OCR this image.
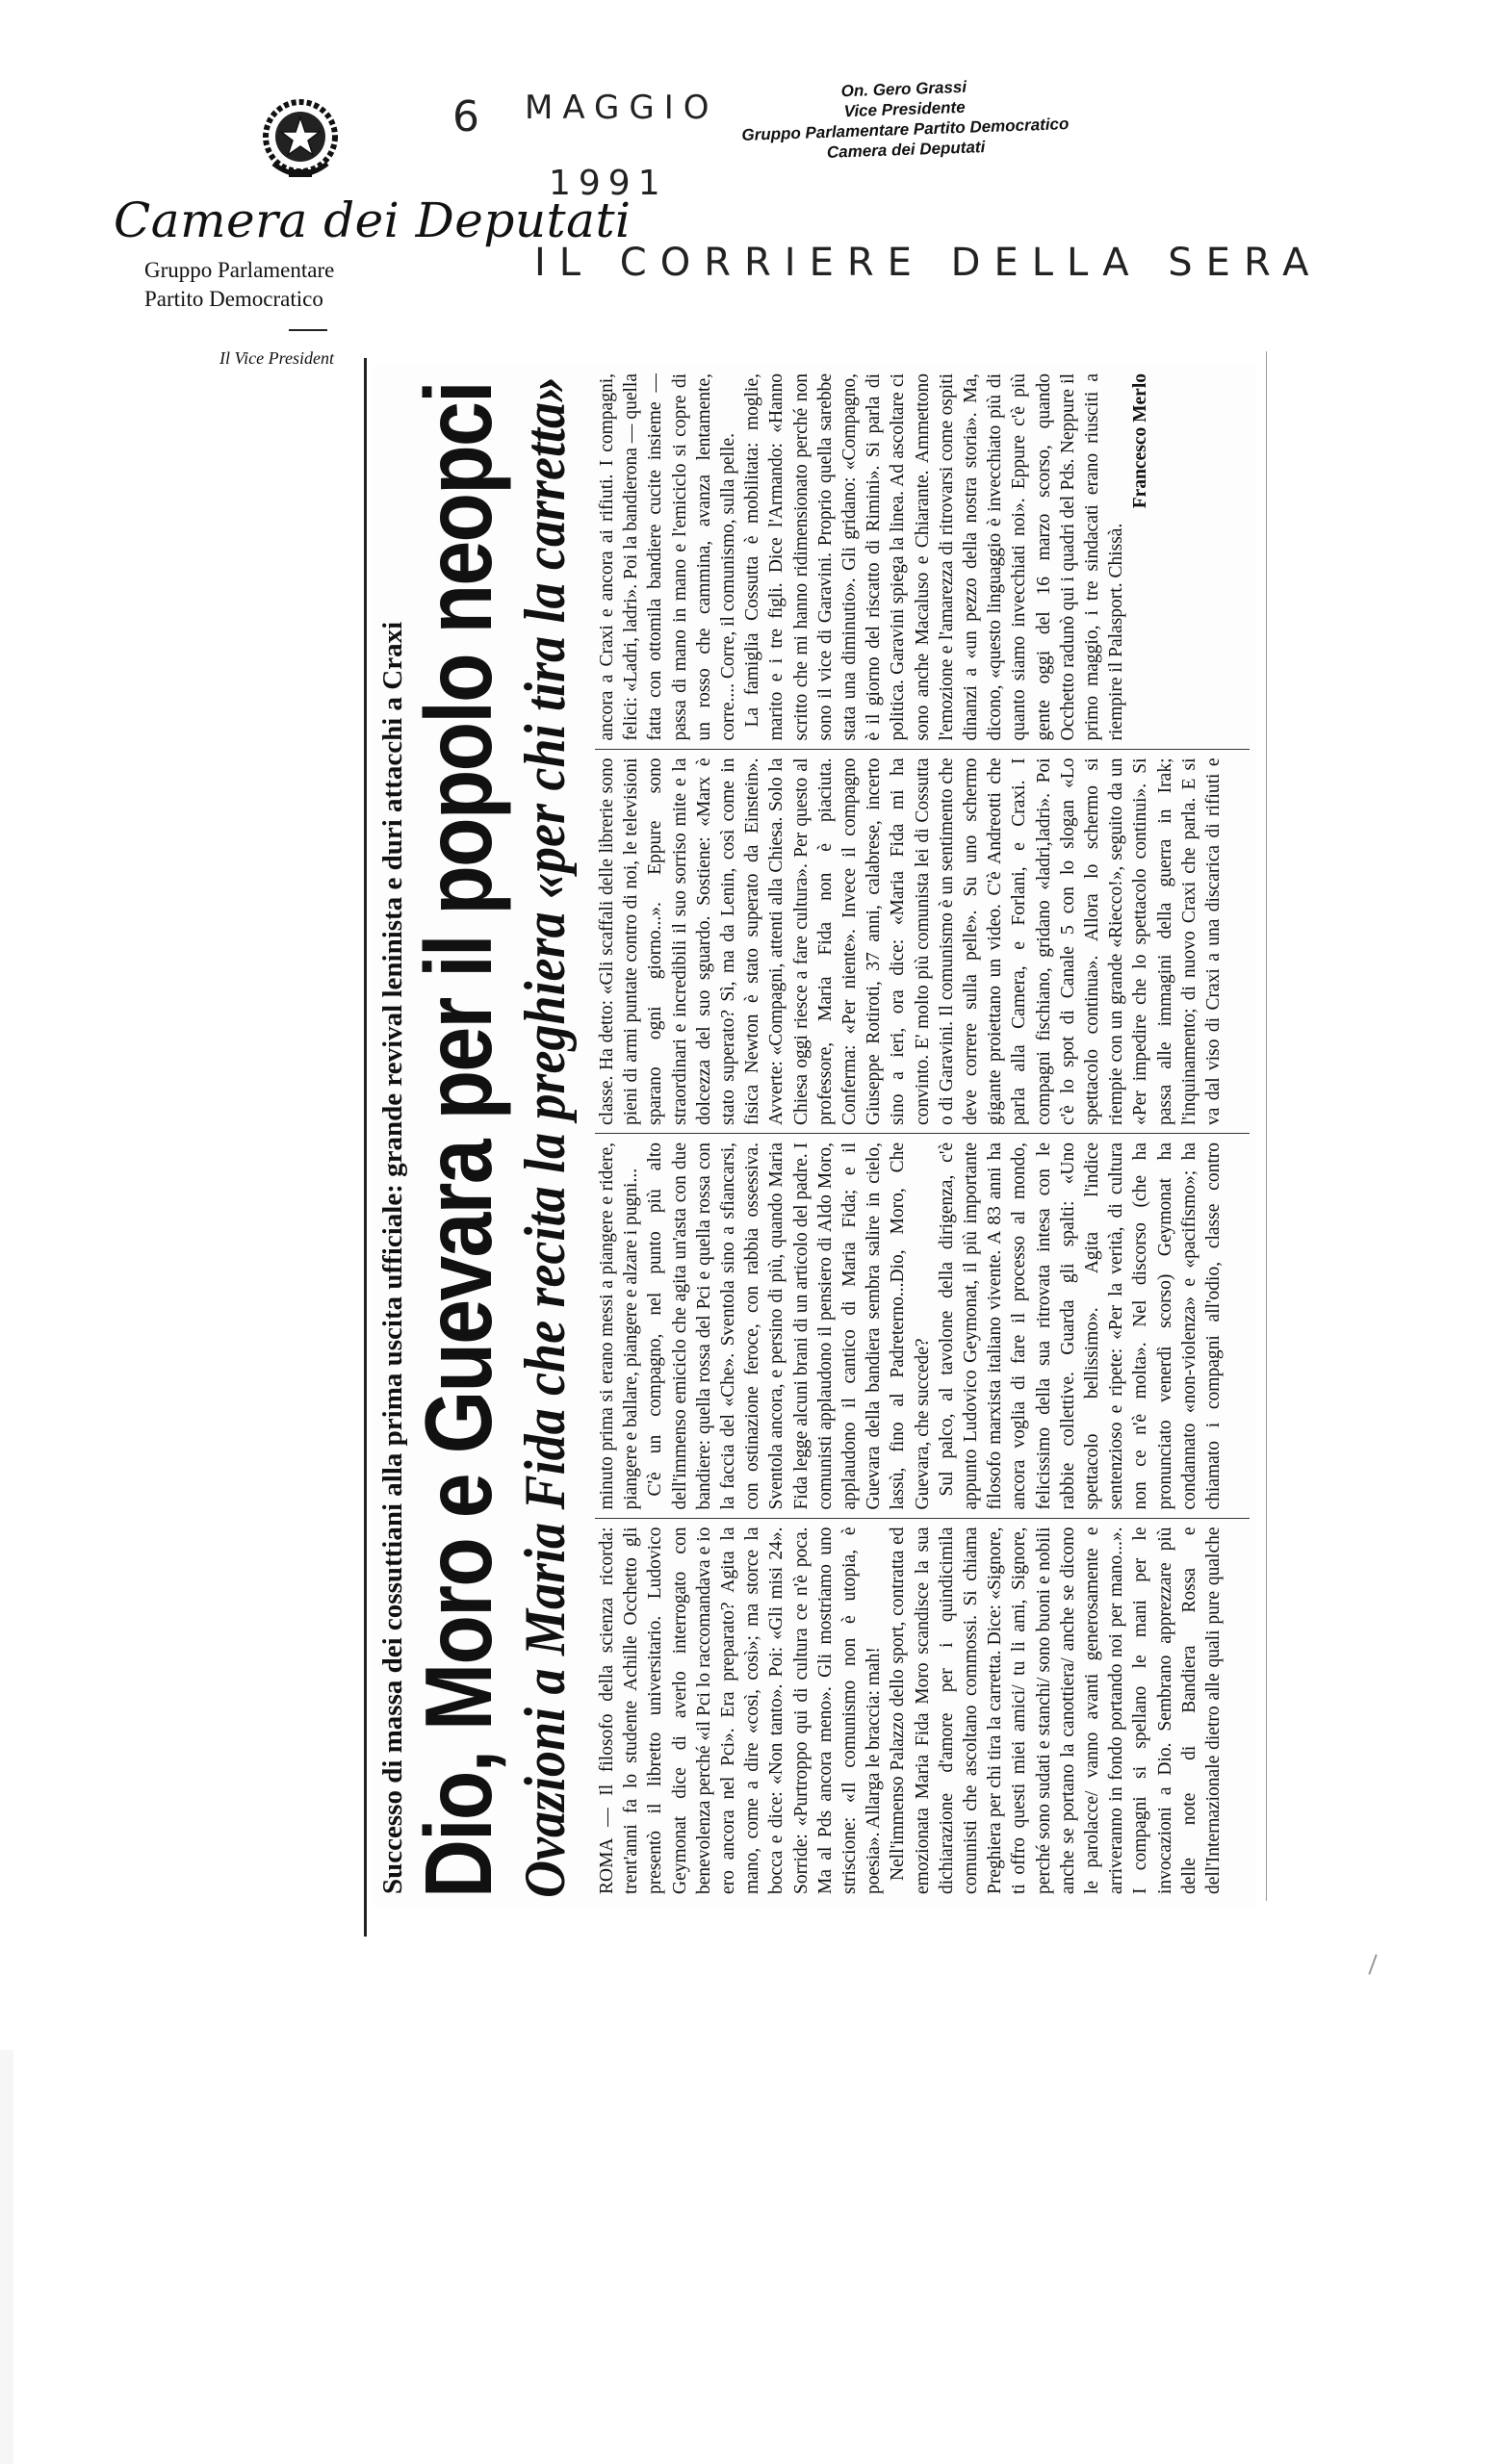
Camera dei Deputati
Gruppo Parlamentare
Partito Democratico
Il Vice President
6 MAGGIO
1991
IL CORRIERE DELLA SERA
On. Gero Grassi
Vice Presidente
Gruppo Parlamentare Partito Democratico
Camera dei Deputati
Successo di massa dei cossuttiani alla prima uscita ufficiale: grande revival leninista e duri attacchi a Craxi
Dio, Moro e Guevara per il popolo neopci Ovazioni a Maria Fida che recita la preghiera «per chi tira la carretta» ROMA — Il filosofo della scienza ricorda: trent'anni fa lo studente Achille Occhetto gli presentò il libretto universitario. Ludovico Geymonat dice di averlo interrogato con benevolenza perché «il Pci lo raccomandava e io ero ancora nel Pci». Era preparato? Agita la mano, come a dire «così, così»; ma storce la bocca e dice: «Non tanto». Poi: «Gli misi 24». Sorride: «Purtroppo qui di cultura ce n'è poca. Ma al Pds ancora meno». Gli mostriamo uno striscione: «Il comunismo non è utopia, è poesia». Allarga le braccia: mah! Nell'immenso Palazzo dello sport, contratta ed emozionata Maria Fida Moro scandisce la sua dichiarazione d'amore per i quindicimila comunisti che ascoltano commossi. Si chiama Preghiera per chi tira la carretta. Dice: «Signore, ti offro questi miei amici/ tu li ami, Signore, perché sono sudati e stanchi/ sono buoni e nobili anche se portano la canottiera/ anche se dicono le parolacce/ vanno avanti generosamente e arriveranno in fondo portando noi per mano...». I compagni si spellano le mani per le invocazioni a Dio. Sembrano apprezzare più delle note di Bandiera Rossa e dell'Internazionale dietro alle quali pure qualche minuto prima si erano messi a piangere e ridere, piangere e ballare, piangere e alzare i pugni... C'è un compagno, nel punto più alto dell'immenso emiciclo che agita un'asta con due bandiere: quella rossa del Pci e quella rossa con la faccia del «Che». Sventola sino a sfiancarsi, con ostinazione feroce, con rabbia ossessiva. Sventola ancora, e persino di più, quando Maria Fida legge alcuni brani di un articolo del padre. I comunisti applaudono il pensiero di Aldo Moro, applaudono il cantico di Maria Fida; e il Guevara della bandiera sembra salire in cielo, lassù, fino al Padreterno...Dio, Moro, Che Guevara, che succede? Sul palco, al tavolone della dirigenza, c'è appunto Ludovico Geymonat, il più importante filosofo marxista italiano vivente. A 83 anni ha ancora voglia di fare il processo al mondo, felicissimo della sua ritrovata intesa con le rabbie collettive. Guarda gli spalti: «Uno spettacolo bellissimo». Agita l'indice sentenzioso e ripete: «Per la verità, di cultura non ce n'è molta». Nel discorso (che ha pronunciato venerdì scorso) Geymonat ha condannato «non-violenza» e «pacifismo»; ha chiamato i compagni all'odio, classe contro classe. Ha detto: «Gli scaffali delle librerie sono pieni di armi puntate contro di noi, le televisioni sparano ogni giorno...». Eppure sono straordinari e incredibili il suo sorriso mite e la dolcezza del suo sguardo. Sostiene: «Marx è stato superato? Sì, ma da Lenin, così come in fisica Newton è stato superato da Einstein». Avverte: «Compagni, attenti alla Chiesa. Solo la Chiesa oggi riesce a fare cultura». Per questo al professore, Maria Fida non è piaciuta. Conferma: «Per niente». Invece il compagno Giuseppe Rotiroti, 37 anni, calabrese, incerto sino a ieri, ora dice: «Maria Fida mi ha convinto. E' molto più comunista lei di Cossutta o di Garavini. Il comunismo è un sentimento che deve correre sulla pelle». Su uno schermo gigante proiettano un video. C'è Andreotti che parla alla Camera, e Forlani, e Craxi. I compagni fischiano, gridano «ladri,ladri». Poi c'è lo spot di Canale 5 con lo slogan «Lo spettacolo continua». Allora lo schermo si riempie con un grande «Riecco!», seguito da un «Per impedire che lo spettacolo continui». Si passa alle immagini della guerra in Irak; l'inquinamento; di nuovo Craxi che parla. E si va dal viso di Craxi a una discarica di rifiuti e ancora a Craxi e ancora ai rifiuti. I compagni, felici: «Ladri, ladri». Poi la bandierona — quella fatta con ottomila bandiere cucite insieme — passa di mano in mano e l'emiciclo si copre di un rosso che cammina, avanza lentamente, corre.... Corre, il comunismo, sulla pelle. La famiglia Cossutta è mobilitata: moglie, marito e i tre figli. Dice l'Armando: «Hanno scritto che mi hanno ridimensionato perché non sono il vice di Garavini. Proprio quella sarebbe stata una diminutio». Gli gridano: «Compagno, è il giorno del riscatto di Rimini». Si parla di politica. Garavini spiega la linea. Ad ascoltare ci sono anche Macaluso e Chiarante. Ammettono l'emozione e l'amarezza di ritrovarsi come ospiti dinanzi a «un pezzo della nostra storia». Ma, dicono, «questo linguaggio è invecchiato più di quanto siamo invecchiati noi». Eppure c'è più gente oggi del 16 marzo scorso, quando Occhetto radunò qui i quadri del Pds. Neppure il primo maggio, i tre sindacati erano riusciti a riempire il Palasport. Chissà.

Francesco Merlo
